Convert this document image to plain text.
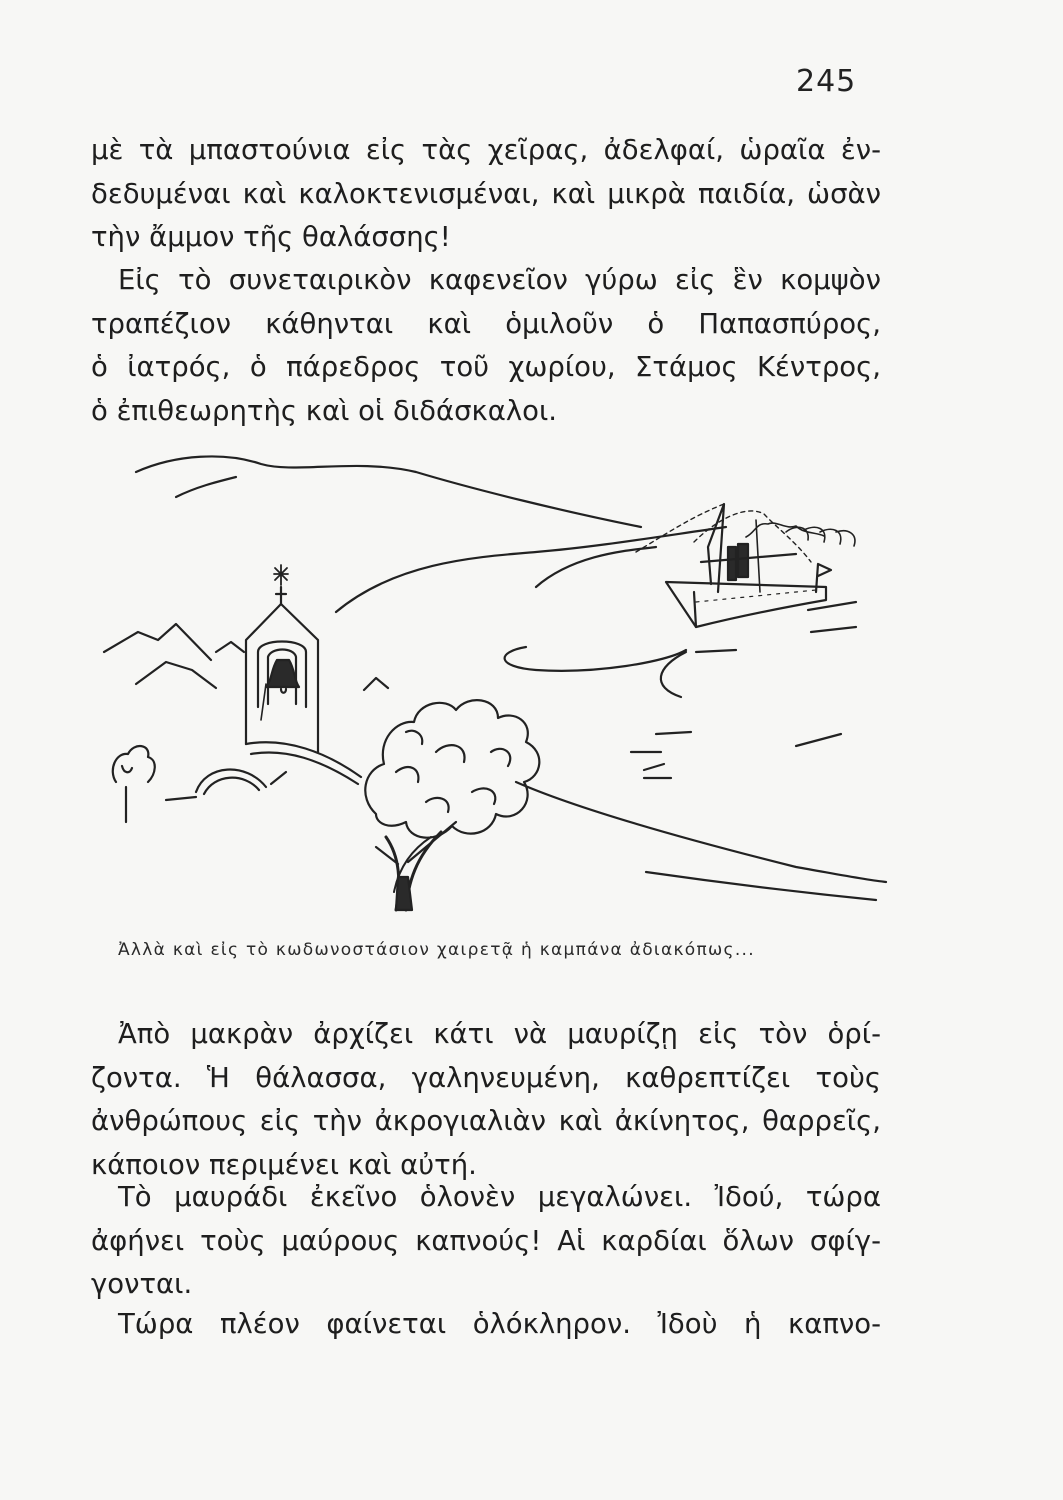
245

μὲ τὰ μπαστούνια εἰς τὰς χεῖρας, ἀδελφαί, ὡραῖα ἐν-
δεδυμέναι καὶ καλοκτενισμέναι, καὶ μικρὰ παιδία, ὡσὰν
τὴν ἄμμον τῆς θαλάσσης!

Εἰς τὸ συνεταιρικὸν καφενεῖον γύρω εἰς ἓν κομψὸν
τραπέζιον κάθηνται καὶ ὁμιλοῦν ὁ Παπασπύρος,
ὁ ἰατρός, ὁ πάρεδρος τοῦ χωρίου, Στάμος Κέντρος,
ὁ ἐπιθεωρητὴς καὶ οἱ διδάσκαλοι.

Ἀλλὰ καὶ εἰς τὸ κωδωνοστάσιον χαιρετᾷ ἡ καμπάνα ἀδιακόπως...

Ἀπὸ μακρὰν ἀρχίζει κάτι νὰ μαυρίζῃ εἰς τὸν ὁρί-
ζοντα. Ἡ θάλασσα, γαληνευμένη, καθρεπτίζει τοὺς
ἀνθρώπους εἰς τὴν ἀκρογιαλιὰν καὶ ἀκίνητος, θαρρεῖς,
κάποιον περιμένει καὶ αὐτή.

Τὸ μαυράδι ἐκεῖνο ὁλονὲν μεγαλώνει. Ἰδού, τώρα
ἀφήνει τοὺς μαύρους καπνούς! Αἱ καρδίαι ὅλων σφίγ-
γονται.

Τώρα πλέον φαίνεται ὁλόκληρον. Ἰδοὺ ἡ καπνο-
